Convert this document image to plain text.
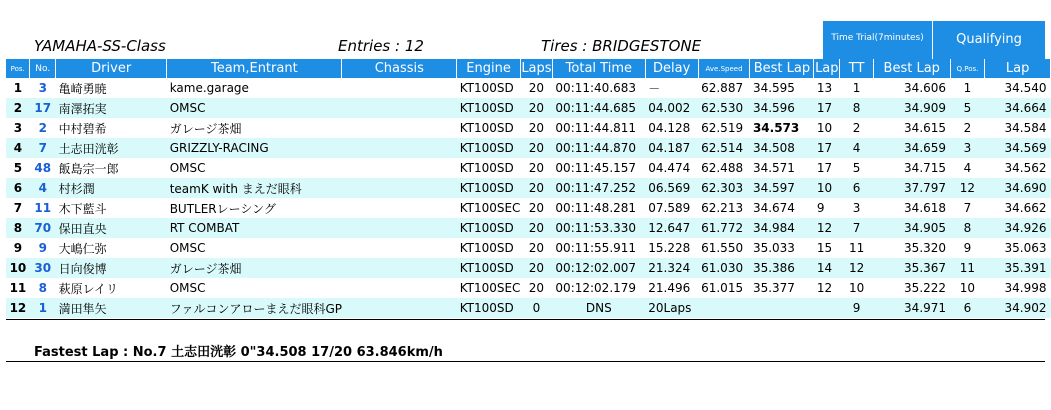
YAMAHA-SS-Class	Entries : 12	Tires : BRIDGESTONE	Time Trial(7minutes)	Qualifying
Pos.	No.	Driver	Team,Entrant	Chassis	Engine	Laps	Total Time	Delay	Ave.Speed	Best Lap	Lap	TT	Best Lap	Q.Pos.	Lap
1	3	亀崎勇暁	kame.garage		KT100SD	20	00:11:40.683	－	62.887	34.595	13	1	34.606	1	34.540
2	17	南澤拓実	OMSC		KT100SD	20	00:11:44.685	04.002	62.530	34.596	17	8	34.909	5	34.664
3	2	中村碧希	ガレージ茶畑		KT100SD	20	00:11:44.811	04.128	62.519	34.573	10	2	34.615	2	34.584
4	7	土志田洸彰	GRIZZLY-RACING		KT100SD	20	00:11:44.870	04.187	62.514	34.508	17	4	34.659	3	34.569
5	48	飯島宗一郎	OMSC		KT100SD	20	00:11:45.157	04.474	62.488	34.571	17	5	34.715	4	34.562
6	4	村杉潤	teamK with まえだ眼科		KT100SD	20	00:11:47.252	06.569	62.303	34.597	10	6	37.797	12	34.690
7	11	木下藍斗	BUTLERレーシング		KT100SEC	20	00:11:48.281	07.589	62.213	34.674	9	3	34.618	7	34.662
8	70	保田直央	RT COMBAT		KT100SD	20	00:11:53.330	12.647	61.772	34.984	12	7	34.905	8	34.926
9	9	大嶋仁弥	OMSC		KT100SD	20	00:11:55.911	15.228	61.550	35.033	15	11	35.320	9	35.063
10	30	日向俊博	ガレージ茶畑		KT100SD	20	00:12:02.007	21.324	61.030	35.386	14	12	35.367	11	35.391
11	8	萩原レイリ	OMSC		KT100SEC	20	00:12:02.179	21.496	61.015	35.377	12	10	35.222	10	34.998
12	1	満田隼矢	ファルコンアローまえだ眼科GP		KT100SD	0	DNS	20Laps				9	34.971	6	34.902
Fastest Lap : No.7 土志田洸彰 0"34.508 17/20 63.846km/h
